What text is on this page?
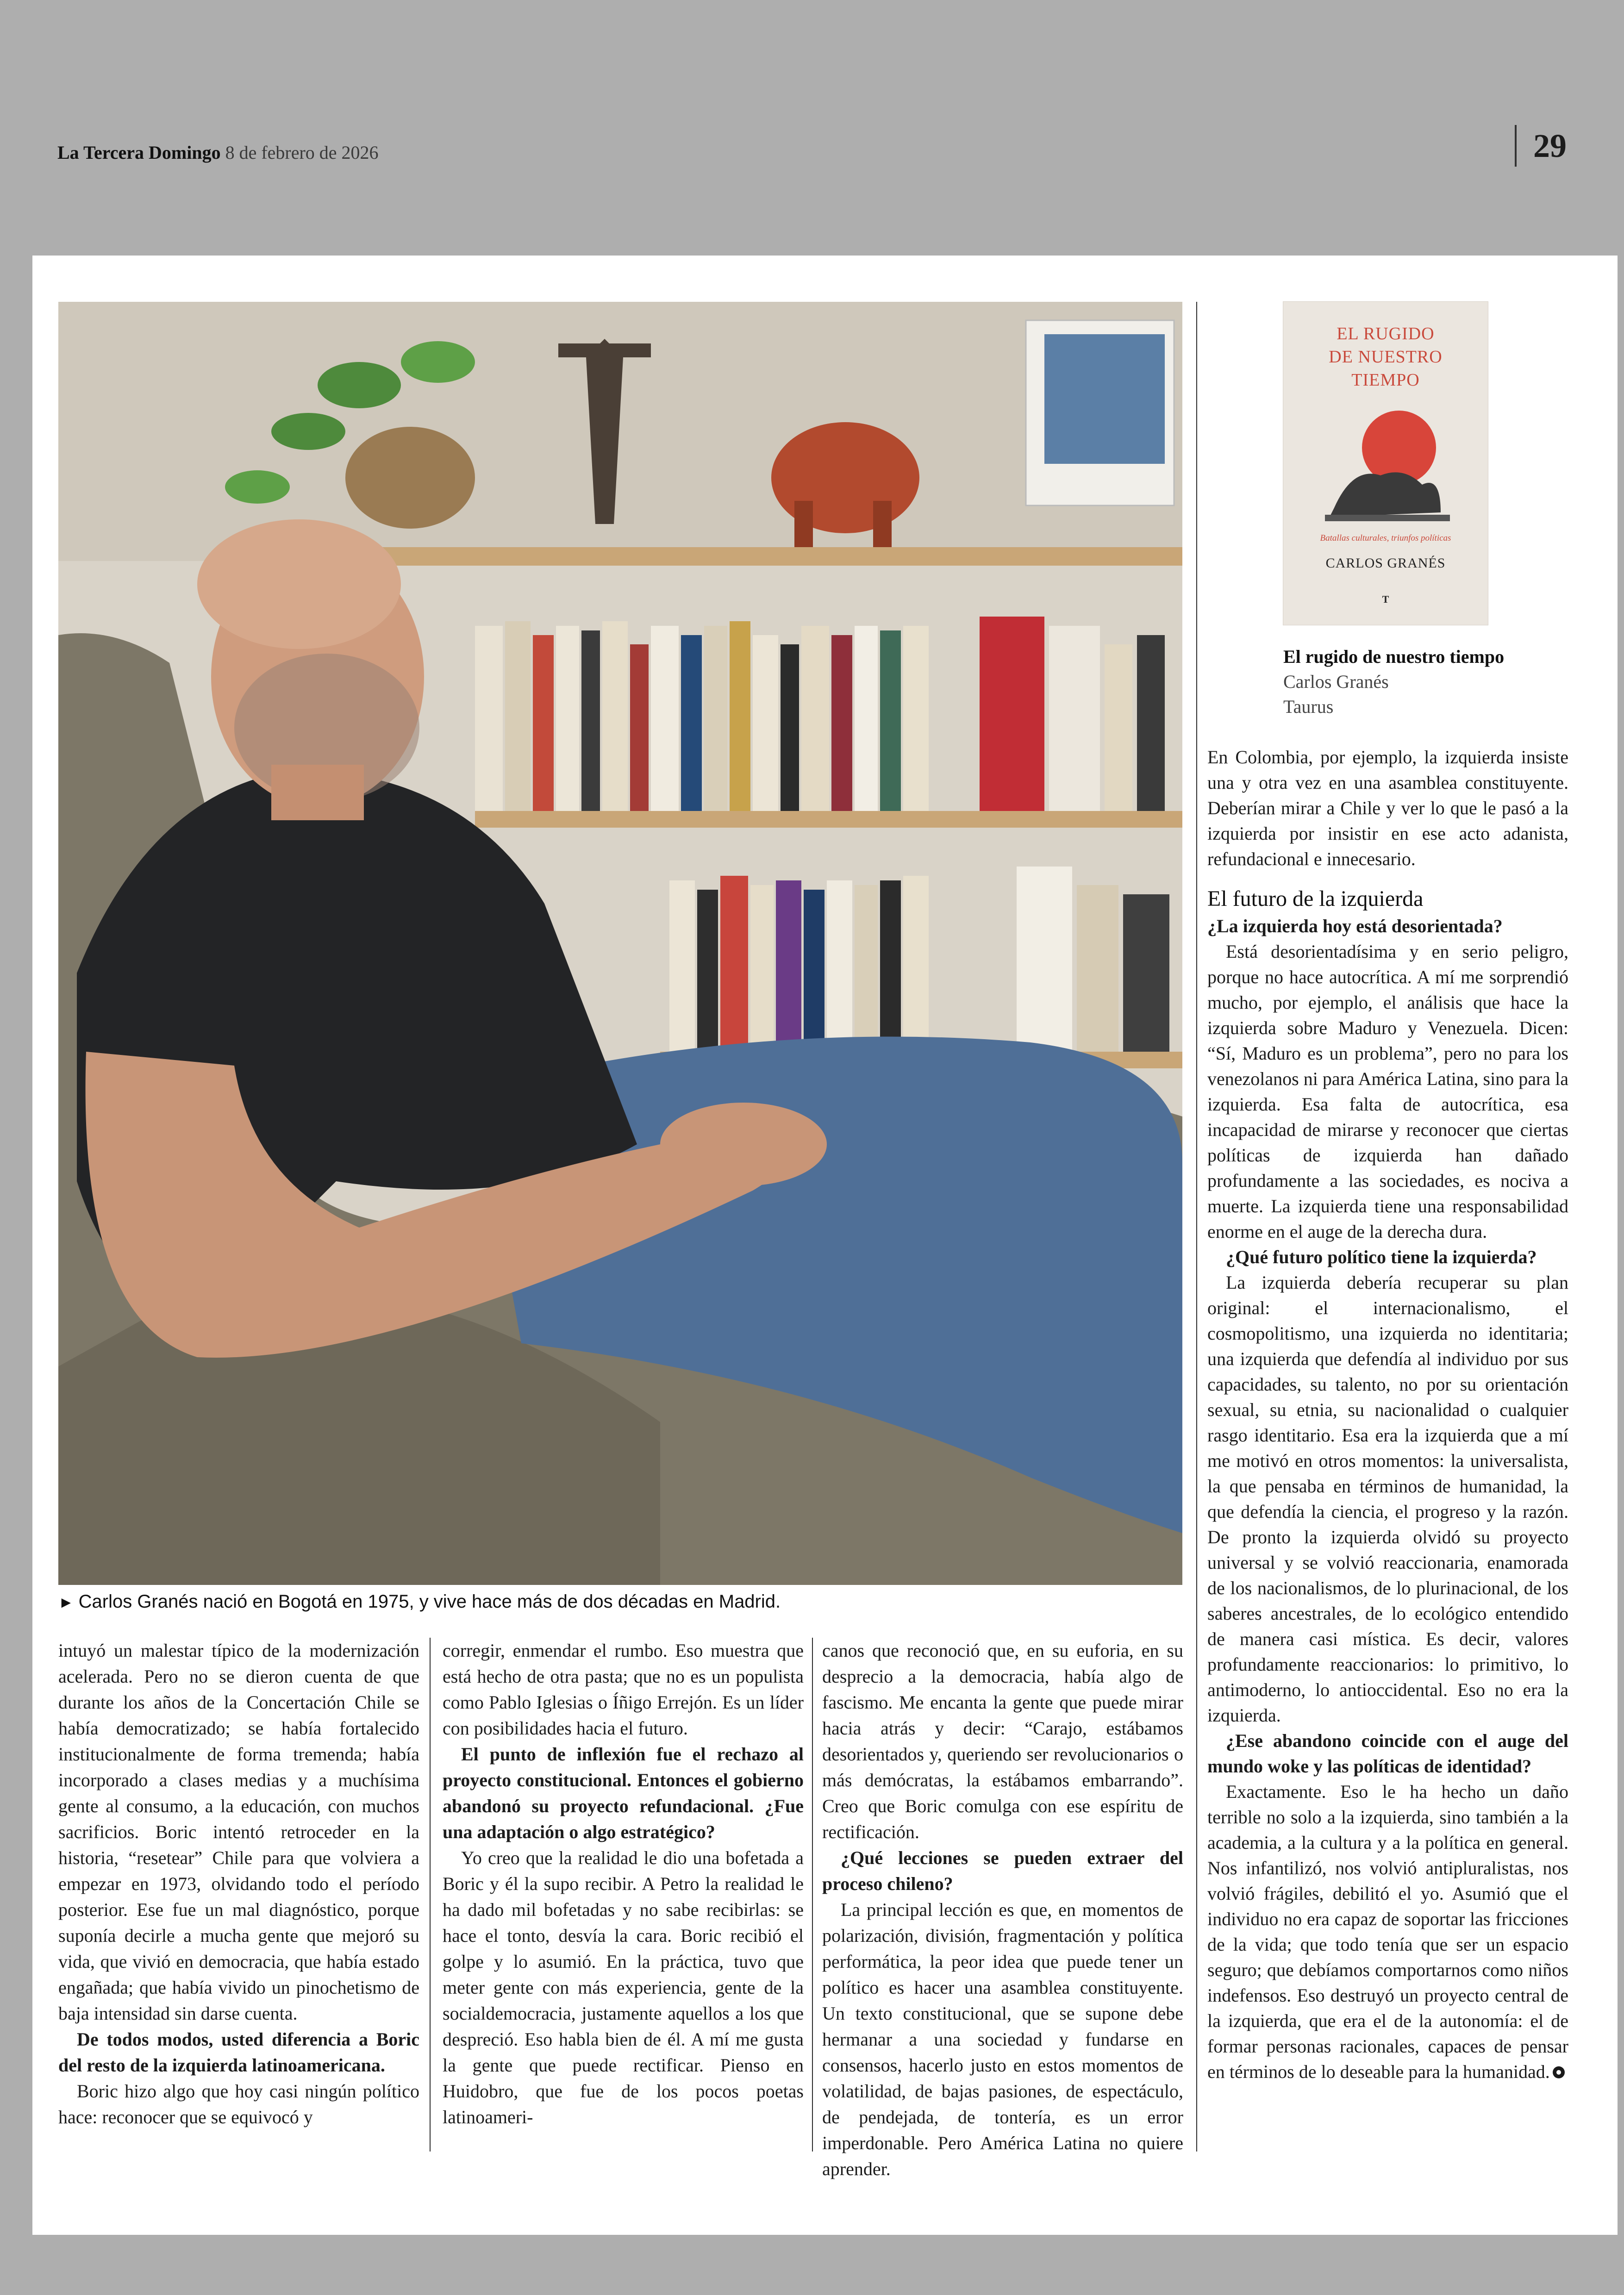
La Tercera Domingo 8 de febrero de 2026	29
► Carlos Granés nació en Bogotá en 1975, y vive hace más de dos décadas en Madrid.

intuyó un malestar típico de la modernización acelerada. Pero no se dieron cuenta de que durante los años de la Concertación Chile se había democratizado; se había fortalecido institucionalmente de forma tremenda; había incorporado a clases medias y a muchísima gente al consumo, a la educación, con muchos sacrificios. Boric intentó retroceder en la historia, “resetear” Chile para que volviera a empezar en 1973, olvidando todo el período posterior. Ese fue un mal diagnóstico, porque suponía decirle a mucha gente que mejoró su vida, que vivió en democracia, que había estado engañada; que había vivido un pinochetismo de baja intensidad sin darse cuenta.

De todos modos, usted diferencia a Boric del resto de la izquierda latinoamericana.

Boric hizo algo que hoy casi ningún político hace: reconocer que se equivocó y

corregir, enmendar el rumbo. Eso muestra que está hecho de otra pasta; que no es un populista como Pablo Iglesias o Íñigo Errejón. Es un líder con posibilidades hacia el futuro.

El punto de inflexión fue el rechazo al proyecto constitucional. Entonces el gobierno abandonó su proyecto refundacional. ¿Fue una adaptación o algo estratégico?

Yo creo que la realidad le dio una bofetada a Boric y él la supo recibir. A Petro la realidad le ha dado mil bofetadas y no sabe recibirlas: se hace el tonto, desvía la cara. Boric recibió el golpe y lo asumió. En la práctica, tuvo que meter gente con más experiencia, gente de la socialdemocracia, justamente aquellos a los que despreció. Eso habla bien de él. A mí me gusta la gente que puede rectificar. Pienso en Huidobro, que fue de los pocos poetas latinoameri-

canos que reconoció que, en su euforia, en su desprecio a la democracia, había algo de fascismo. Me encanta la gente que puede mirar hacia atrás y decir: “Carajo, estábamos desorientados y, queriendo ser revolucionarios o más demócratas, la estábamos embarrando”. Creo que Boric comulga con ese espíritu de rectificación.

¿Qué lecciones se pueden extraer del proceso chileno?

La principal lección es que, en momentos de polarización, división, fragmentación y política performática, la peor idea que puede tener un político es hacer una asamblea constituyente. Un texto constitucional, que se supone debe hermanar a una sociedad y fundarse en consensos, hacerlo justo en estos momentos de volatilidad, de bajas pasiones, de espectáculo, de pendejada, de tontería, es un error imperdonable. Pero América Latina no quiere aprender.

EL RUGIDO
DE NUESTRO
TIEMPO
Batallas culturales, triunfos políticas
CARLOS GRANÉS
T
El rugido de nuestro tiempo
Carlos Granés
Taurus

En Colombia, por ejemplo, la izquierda insiste una y otra vez en una asamblea constituyente. Deberían mirar a Chile y ver lo que le pasó a la izquierda por insistir en ese acto adanista, refundacional e innecesario.

El futuro de la izquierda

¿La izquierda hoy está desorientada?

Está desorientadísima y en serio peligro, porque no hace autocrítica. A mí me sorprendió mucho, por ejemplo, el análisis que hace la izquierda sobre Maduro y Venezuela. Dicen: “Sí, Maduro es un problema”, pero no para los venezolanos ni para América Latina, sino para la izquierda. Esa falta de autocrítica, esa incapacidad de mirarse y reconocer que ciertas políticas de izquierda han dañado profundamente a las sociedades, es nociva a muerte. La izquierda tiene una responsabilidad enorme en el auge de la derecha dura.

¿Qué futuro político tiene la izquierda?

La izquierda debería recuperar su plan original: el internacionalismo, el cosmopolitismo, una izquierda no identitaria; una izquierda que defendía al individuo por sus capacidades, su talento, no por su orientación sexual, su etnia, su nacionalidad o cualquier rasgo identitario. Esa era la izquierda que a mí me motivó en otros momentos: la universalista, la que pensaba en términos de humanidad, la que defendía la ciencia, el progreso y la razón. De pronto la izquierda olvidó su proyecto universal y se volvió reaccionaria, enamorada de los nacionalismos, de lo plurinacional, de los saberes ancestrales, de lo ecológico entendido de manera casi mística. Es decir, valores profundamente reaccionarios: lo primitivo, lo antimoderno, lo antioccidental. Eso no era la izquierda.

¿Ese abandono coincide con el auge del mundo woke y las políticas de identidad?

Exactamente. Eso le ha hecho un daño terrible no solo a la izquierda, sino también a la academia, a la cultura y a la política en general. Nos infantilizó, nos volvió antipluralistas, nos volvió frágiles, debilitó el yo. Asumió que el individuo no era capaz de soportar las fricciones de la vida; que todo tenía que ser un espacio seguro; que debíamos comportarnos como niños indefensos. Eso destruyó un proyecto central de la izquierda, que era el de la autonomía: el de formar personas racionales, capaces de pensar en términos de lo deseable para la humanidad.
